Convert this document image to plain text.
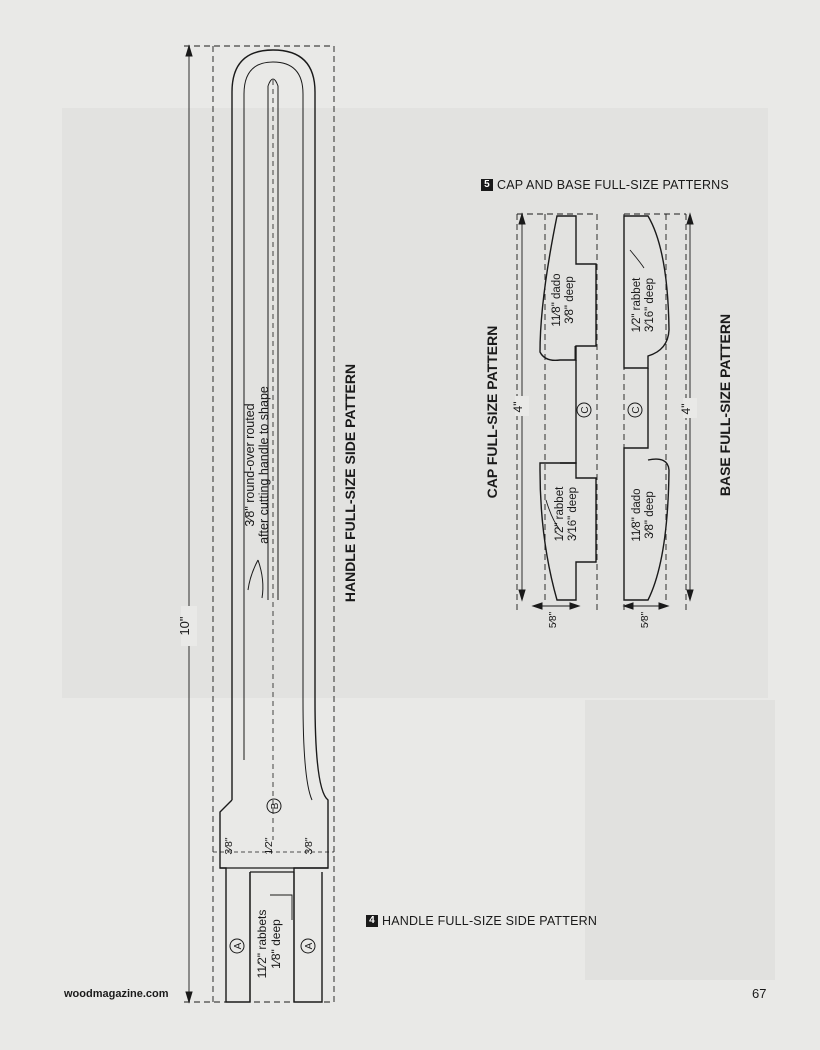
10"
3⁄8" round-over routed after cutting handle to shape	HANDLE FULL-SIZE SIDE PATTERN
B
3⁄8"	1⁄2"	3⁄8"
11⁄2" rabbets 1⁄8" deep
A	A
4"
5⁄8"
CAP FULL-SIZE PATTERN
11⁄8" dado 3⁄8" deep
1⁄2" rabbet 3⁄16" deep
C	4"
5⁄8"
BASE FULL-SIZE PATTERN
1⁄2" rabbet 3⁄16" deep
11⁄8" dado 3⁄8" deep
C
5 CAP AND BASE FULL-SIZE PATTERNS
4 HANDLE FULL-SIZE SIDE PATTERN
woodmagazine.com	67
